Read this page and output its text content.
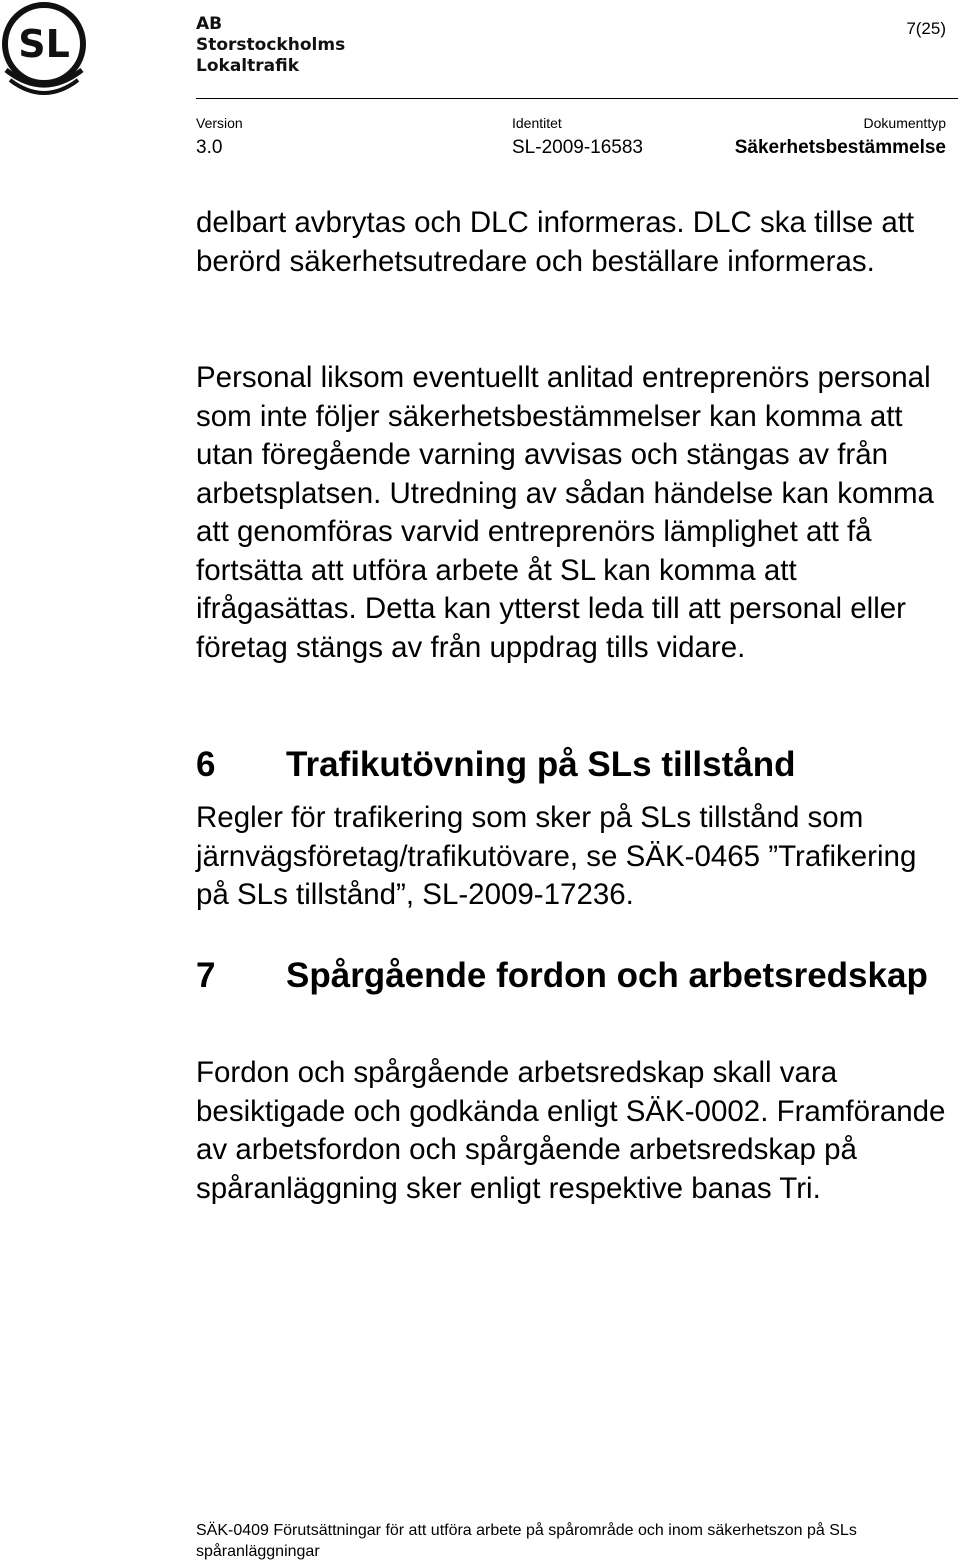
SL	AB
Storstockholms
Lokaltrafik
7(25)
Version
3.0
Identitet
SL-2009-16583
Dokumenttyp
Säkerhetsbestämmelse

delbart avbrytas och DLC informeras. DLC ska tillse att berörd säkerhetsutredare och beställare informeras.

Personal liksom eventuellt anlitad entreprenörs personal som inte följer säkerhetsbestämmelser kan komma att utan föregående varning avvisas och stängas av från arbetsplatsen. Utredning av sådan händelse kan komma att genomföras varvid entreprenörs lämplighet att få fortsätta att utföra arbete åt SL kan komma att ifrågasättas. Detta kan ytterst leda till att personal eller företag stängs av från uppdrag tills vidare.

6 Trafikutövning på SLs tillstånd

Regler för trafikering som sker på SLs tillstånd som järnvägsföretag/trafikutövare, se SÄK-0465 ”Trafikering på SLs tillstånd”, SL-2009-17236.

7 Spårgående fordon och arbetsredskap

Fordon och spårgående arbetsredskap skall vara besiktigade och godkända enligt SÄK-0002. Framförande av arbetsfordon och spårgående arbetsredskap på spåranläggning sker enligt respektive banas Tri.

SÄK-0409 Förutsättningar för att utföra arbete på spårområde och inom säkerhetszon på SLs spåranläggningar
